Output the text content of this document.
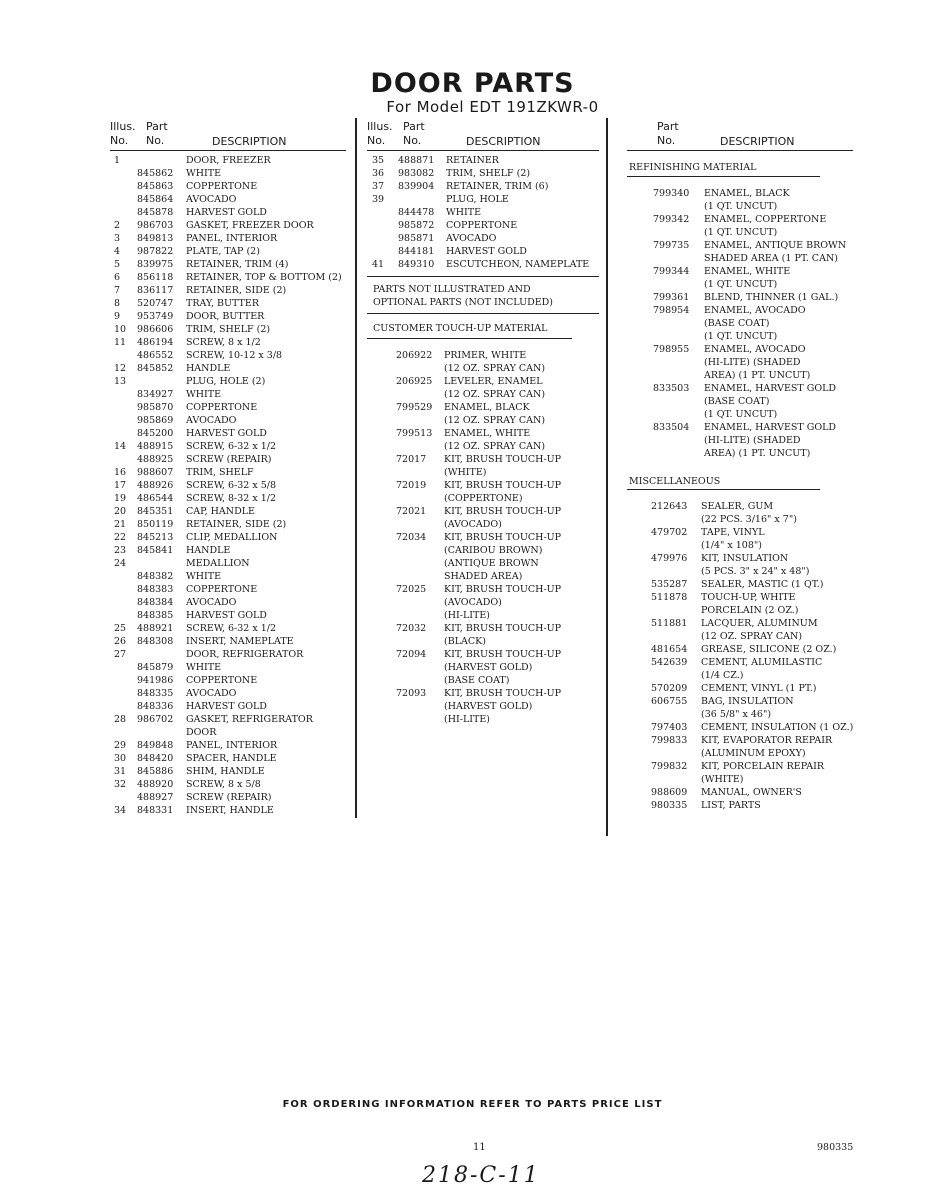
DOOR PARTS
For Model EDT 191ZKWR-0
Illus.
No.
Part
No.	DESCRIPTION
Illus.
No.
Part
No.	DESCRIPTION
Part
No.	DESCRIPTION
1	DOOR, FREEZER
845862 WHITE
845863 COPPERTONE
845864 AVOCADO
845878 HARVEST GOLD
2 986703 GASKET, FREEZER DOOR
3 849813 PANEL, INTERIOR
4 987822 PLATE, TAP (2)
5 839975 RETAINER, TRIM (4)
6 856118 RETAINER, TOP & BOTTOM (2)
7 836117 RETAINER, SIDE (2)
8 520747 TRAY, BUTTER
9 953749 DOOR, BUTTER
10 986606 TRIM, SHELF (2)
11 486194 SCREW, 8 x 1/2
486552 SCREW, 10-12 x 3/8
12 845852 HANDLE
13	PLUG, HOLE (2)
834927 WHITE
985870 COPPERTONE
985869 AVOCADO
845200 HARVEST GOLD
14 488915 SCREW, 6-32 x 1/2
488925 SCREW (REPAIR)
16 988607 TRIM, SHELF
17 488926 SCREW, 6-32 x 5/8
19 486544 SCREW, 8-32 x 1/2
20 845351 CAP, HANDLE
21 850119 RETAINER, SIDE (2)
22 845213 CLIP, MEDALLION
23 845841 HANDLE
24	MEDALLION
848382 WHITE
848383 COPPERTONE
848384 AVOCADO
848385 HARVEST GOLD
25 488921 SCREW, 6-32 x 1/2
26 848308 INSERT, NAMEPLATE
27	DOOR, REFRIGERATOR
845879 WHITE
941986 COPPERTONE
848335 AVOCADO
848336 HARVEST GOLD
28 986702 GASKET, REFRIGERATOR
DOOR
29 849848 PANEL, INTERIOR
30 848420 SPACER, HANDLE
31 845886 SHIM, HANDLE
32 488920 SCREW, 8 x 5/8
488927 SCREW (REPAIR)
34 848331 INSERT, HANDLE
35 488871 RETAINER
36 983082 TRIM, SHELF (2)
37 839904 RETAINER, TRIM (6)
39	PLUG, HOLE
844478 WHITE
985872 COPPERTONE
985871 AVOCADO
844181 HARVEST GOLD
41 849310 ESCUTCHEON, NAMEPLATE
PARTS NOT ILLUSTRATED AND
OPTIONAL PARTS (NOT INCLUDED)
CUSTOMER TOUCH-UP MATERIAL
206922 PRIMER, WHITE
(12 OZ. SPRAY CAN)
206925 LEVELER, ENAMEL
(12 OZ. SPRAY CAN)
799529 ENAMEL, BLACK
(12 OZ. SPRAY CAN)
799513 ENAMEL, WHITE
(12 OZ. SPRAY CAN)
72017 KIT, BRUSH TOUCH-UP
(WHITE)
72019 KIT, BRUSH TOUCH-UP
(COPPERTONE)
72021 KIT, BRUSH TOUCH-UP
(AVOCADO)
72034 KIT, BRUSH TOUCH-UP
(CARIBOU BROWN)
(ANTIQUE BROWN
SHADED AREA)
72025 KIT, BRUSH TOUCH-UP
(AVOCADO)
(HI-LITE)
72032 KIT, BRUSH TOUCH-UP
(BLACK)
72094 KIT, BRUSH TOUCH-UP
(HARVEST GOLD)
(BASE COAT)
72093 KIT, BRUSH TOUCH-UP
(HARVEST GOLD)
(HI-LITE)
REFINISHING MATERIAL
799340 ENAMEL, BLACK
(1 QT. UNCUT)
799342 ENAMEL, COPPERTONE
(1 QT. UNCUT)
799735 ENAMEL, ANTIQUE BROWN
SHADED AREA (1 PT. CAN)
799344 ENAMEL, WHITE
(1 QT. UNCUT)
799361 BLEND, THINNER (1 GAL.)
798954 ENAMEL, AVOCADO
(BASE COAT)
(1 QT. UNCUT)
798955 ENAMEL, AVOCADO
(HI-LITE) (SHADED
AREA) (1 PT. UNCUT)
833503 ENAMEL, HARVEST GOLD
(BASE COAT)
(1 QT. UNCUT)
833504 ENAMEL, HARVEST GOLD
(HI-LITE) (SHADED
AREA) (1 PT. UNCUT)
MISCELLANEOUS
212643 SEALER, GUM
(22 PCS. 3/16" x 7")
479702 TAPE, VINYL
(1/4" x 108")
479976 KIT, INSULATION
(5 PCS. 3" x 24" x 48")
535287 SEALER, MASTIC (1 QT.)
511878 TOUCH-UP, WHITE
PORCELAIN (2 OZ.)
511881 LACQUER, ALUMINUM
(12 OZ. SPRAY CAN)
481654 GREASE, SILICONE (2 OZ.)
542639 CEMENT, ALUMILASTIC
(1/4 CZ.)
570209 CEMENT, VINYL (1 PT.)
606755 BAG, INSULATION
(36 5/8" x 46")
797403 CEMENT, INSULATION (1 OZ.)
799833 KIT, EVAPORATOR REPAIR
(ALUMINUM EPOXY)
799832 KIT, PORCELAIN REPAIR
(WHITE)
988609 MANUAL, OWNER'S
980335 LIST, PARTS
FOR ORDERING INFORMATION REFER TO PARTS PRICE LIST
11	980335
218-C-11
